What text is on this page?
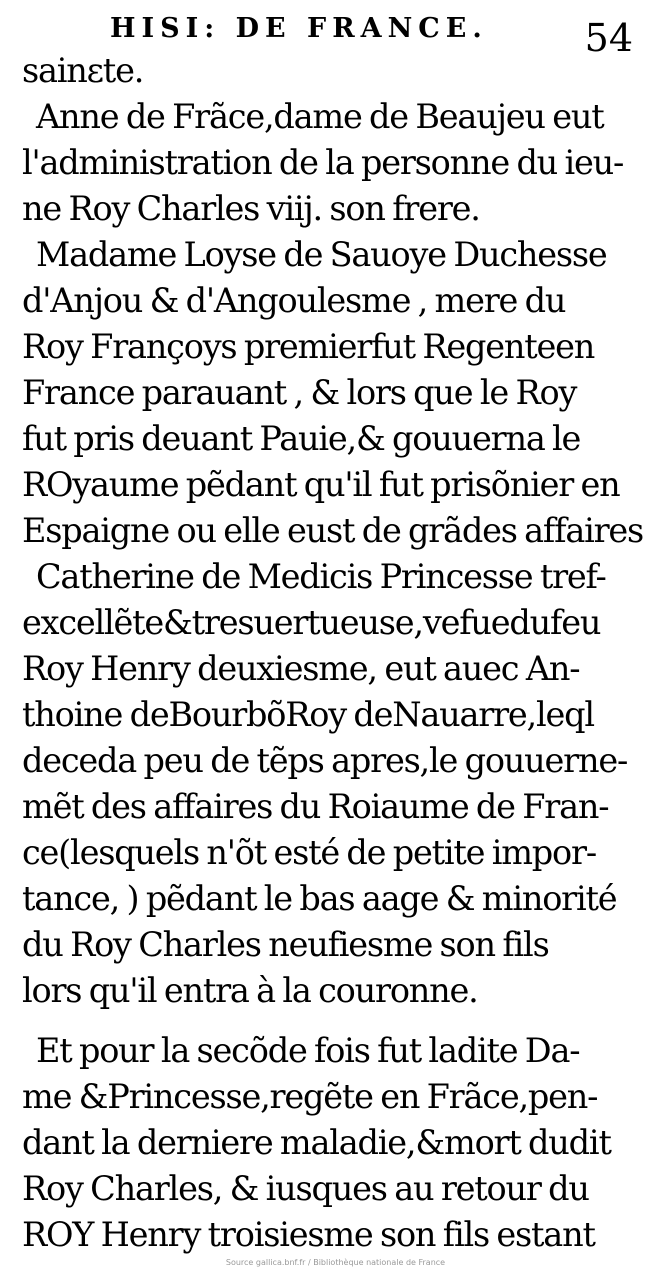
HISI: DE FRANCE.	54
sainɛte.
Anne de Frãce,dame de Beaujeu eut
l'administration de la personne du ieu-
ne Roy Charles viij. son frere.
Madame Loyse de Sauoye Duchesse
d'Anjou & d'Angoulesme , mere du
Roy Françoys premierfut Regenteen
France parauant , & lors que le Roy
fut pris deuant Pauie,& gouuerna le
ROyaume pẽdant qu'il fut prisõnier en
Espaigne ou elle eust de grãdes affaires
Catherine de Medicis Princesse tref-
excellẽte&tresuertueuse,vefuedufeu
Roy Henry deuxiesme, eut auec An-
thoine deBourbõRoy deNauarre,leql
deceda peu de tẽps apres,le gouuerne-
mẽt des affaires du Roiaume de Fran-
ce(lesquels n'õt esté de petite impor-
tance, ) pẽdant le bas aage & minorité
du Roy Charles neufiesme son fils
lors qu'il entra à la couronne.
Et pour la secõde fois fut ladite Da-
me &Princesse,regẽte en Frãce,pen-
dant la derniere maladie,&mort dudit
Roy Charles, & iusques au retour du
ROY Henry troisiesme son fils estant
Source gallica.bnf.fr / Bibliothèque nationale de France
